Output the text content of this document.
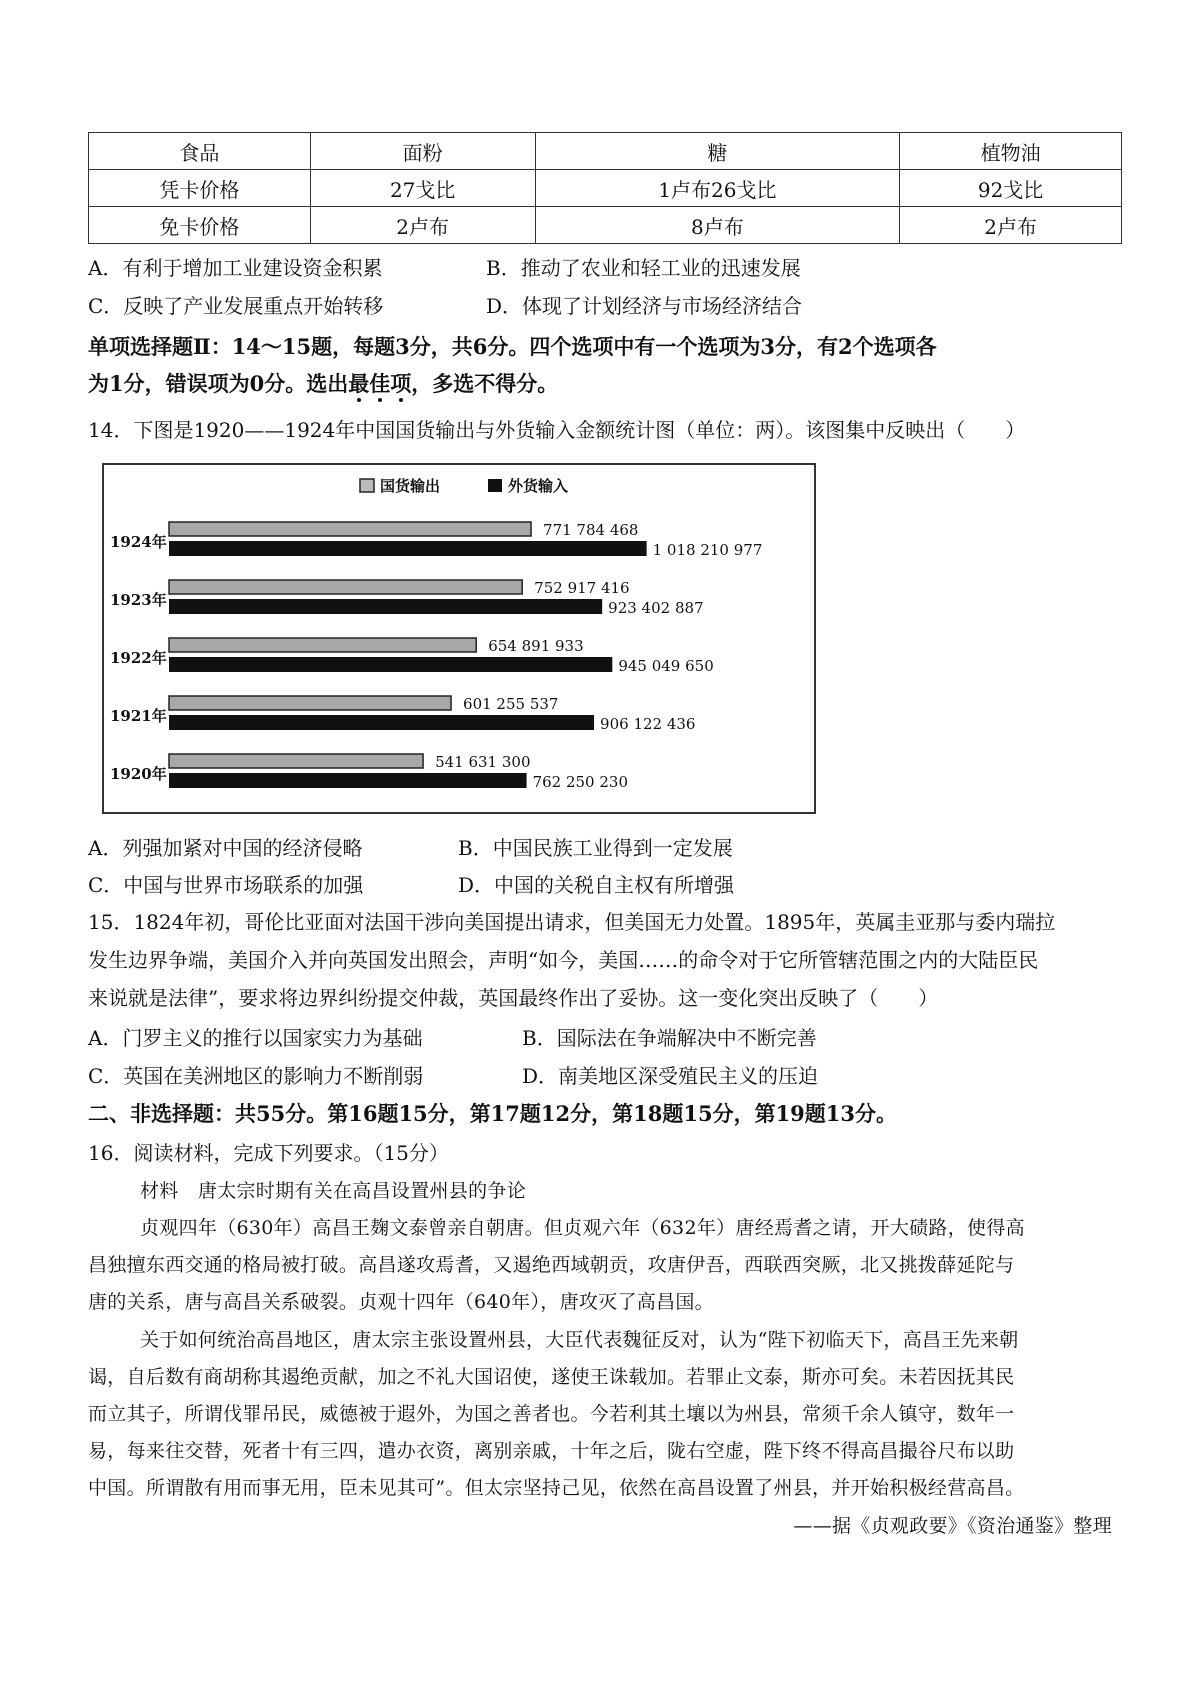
食品	面粉	糖	植物油
凭卡价格	27戈比	1卢布26戈比	92戈比
免卡价格	2卢布	8卢布	2卢布
A．有利于增加工业建设资金积累	B．推动了农业和轻工业的迅速发展
C．反映了产业发展重点开始转移	D．体现了计划经济与市场经济结合
单项选择题Ⅱ：14～15题，每题3分，共6分。四个选项中有一个选项为3分，有2个选项各
为1分，错误项为0分。选出最佳项，多选不得分。
14．下图是1920——1924年中国国货输出与外货输入金额统计图（单位：两）。该图集中反映出（　　）
国货输出	外货输入
1924年
771 784 468
1 018 210 977
1923年
752 917 416
923 402 887
1922年
654 891 933
945 049 650
1921年
601 255 537
906 122 436
1920年
541 631 300
762 250 230
A．列强加紧对中国的经济侵略	B．中国民族工业得到一定发展
C．中国与世界市场联系的加强	D．中国的关税自主权有所增强
15．1824年初，哥伦比亚面对法国干涉向美国提出请求，但美国无力处置。1895年，英属圭亚那与委内瑞拉
发生边界争端，美国介入并向英国发出照会，声明“如今，美国……的命令对于它所管辖范围之内的大陆臣民
来说就是法律”，要求将边界纠纷提交仲裁，英国最终作出了妥协。这一变化突出反映了（　　）
A．门罗主义的推行以国家实力为基础	B．国际法在争端解决中不断完善
C．英国在美洲地区的影响力不断削弱	D．南美地区深受殖民主义的压迫
二、非选择题：共55分。第16题15分，第17题12分，第18题15分，第19题13分。
16．阅读材料，完成下列要求。（15分）
材料　唐太宗时期有关在高昌设置州县的争论
贞观四年（630年）高昌王麹文泰曾亲自朝唐。但贞观六年（632年）唐经焉耆之请，开大碛路，使得高
昌独擅东西交通的格局被打破。高昌遂攻焉耆，又遏绝西域朝贡，攻唐伊吾，西联西突厥，北又挑拨薛延陀与
唐的关系，唐与高昌关系破裂。贞观十四年（640年），唐攻灭了高昌国。
关于如何统治高昌地区，唐太宗主张设置州县，大臣代表魏征反对，认为“陛下初临天下，高昌王先来朝
谒，自后数有商胡称其遏绝贡献，加之不礼大国诏使，遂使王诛载加。若罪止文泰，斯亦可矣。未若因抚其民
而立其子，所谓伐罪吊民，威德被于遐外，为国之善者也。今若利其土壤以为州县，常须千余人镇守，数年一
易，每来往交替，死者十有三四，遣办衣资，离别亲戚，十年之后，陇右空虚，陛下终不得高昌撮谷尺布以助
中国。所谓散有用而事无用，臣未见其可”。但太宗坚持己见，依然在高昌设置了州县，并开始积极经营高昌。
——据《贞观政要》《资治通鉴》整理
